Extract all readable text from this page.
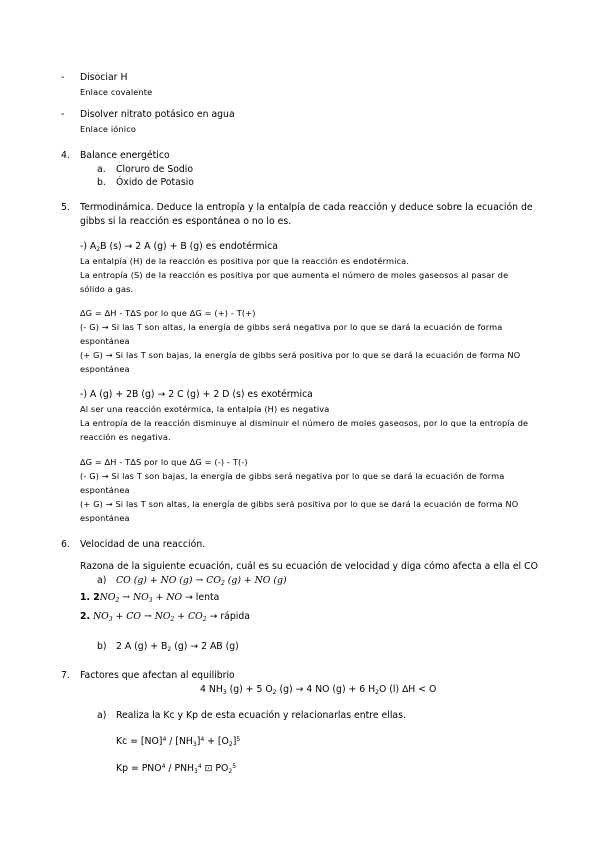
- Disociar H
Enlace covalente
- Disolver nitrato potásico en agua
Enlace iónico
4. Balance energético
a. Cloruro de Sodio
b. Óxido de Potasio
5. Termodinámica. Deduce la entropía y la entalpía de cada reacción y deduce sobre la ecuación de
gibbs si la reacción es espontánea o no lo es.
-) $A_2B$ (s) → 2 A (g) + B (g) es endotérmica
La entalpía (H) de la reacción es positiva por que la reacción es endotérmica.
La entropía (S) de la reacción es positiva por que aumenta el número de moles gaseosos al pasar de
sólido a gas.
∆G = ∆H - T∆S por lo que ∆G = (+) - T(+)
(- G) → Si las T son altas, la energía de gibbs será negativa por lo que se dará la ecuación de forma
espontánea
(+ G) → Si las T son bajas, la energía de gibbs será positiva por lo que se dará la ecuación de forma NO
espontánea
-) A (g) + 2B (g) → 2 C (g) + 2 D (s) es exotérmica
Al ser una reacción exotérmica, la entalpía (H) es negativa
La entropía de la reacción disminuye al disminuir el número de moles gaseosos, por lo que la entropía de
reacción es negativa.
∆G = ∆H - T∆S por lo que ∆G = (-) - T(-)
(- G) → Si las T son bajas, la energía de gibbs será negativa por lo que se dará la ecuación de forma
espontánea
(+ G) → Si las T son altas, la energía de gibbs será positiva por lo que se dará la ecuación de forma NO
espontánea
6. Velocidad de una reacción.
Razona de la siguiente ecuación, cuál es su ecuación de velocidad y diga cómo afecta a ella el CO
a) CO (g) + NO $(g) \to CO_2$ (g) + NO (g)
1. $2NO_2 \to NO_3$ + NO → lenta
2. $NO_3$ + CO → $NO_2 + CO_2$ → rápida
b) 2 A $(g) + B_2$ (g) → 2 AB (g)
7. Factores que afectan al equilibrio
4 $NH_3$ (g) + 5 $O_2$ (g) → 4 NO (g) + 6 $H_2O$ (l) ∆H < O
a) Realiza la Kc y Kp de esta ecuación y relacionarlas entre ellas.
$Kc = [NO]^4 / [NH_3]^4 + [O_2]^5$
$Kp = PNO^4 / PNH_3^4$ ⊡ $PO_2^5$
